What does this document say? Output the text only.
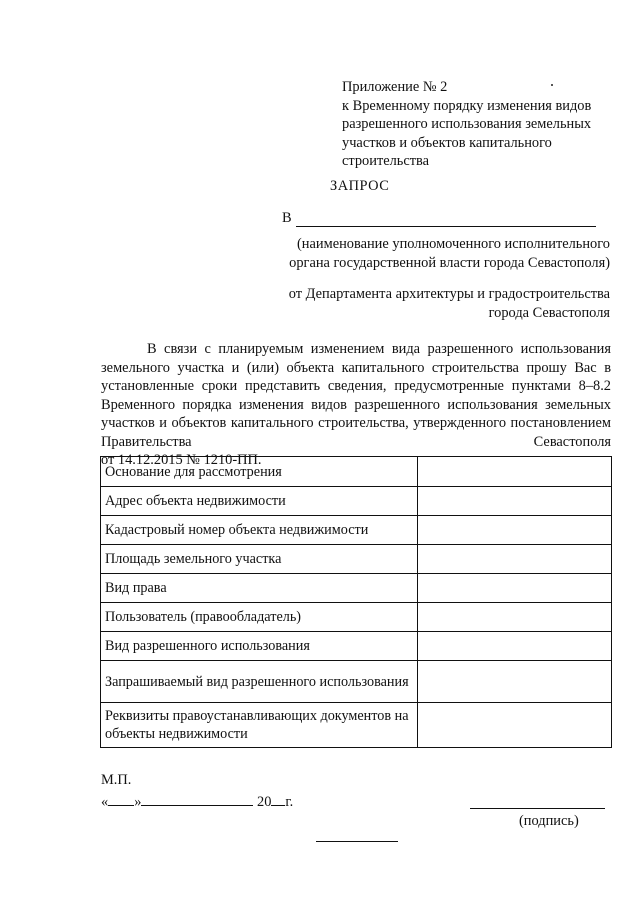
Приложение № 2
к Временному порядку изменения видов
разрешенного использования земельных
участков и объектов капитального
строительства
ЗАПРОС
В
(наименование уполномоченного исполнительного
органа государственной власти города Севастополя)
от Департамента архитектуры и градостроительства
города Севастополя

В связи с планируемым изменением вида разрешенного использования земельного участка и (или) объекта капитального строительства прошу Вас в установленные сроки представить сведения, предусмотренные пунктами 8–8.2 Временного порядка изменения видов разрешенного использования земельных участков и объектов капитального строительства, утвержденного постановлением Правительства Севастополя

от 14.12.2015 № 1210-ПП.

Основание для рассмотрения	
Адрес объекта недвижимости	
Кадастровый номер объекта недвижимости	
Площадь земельного участка	
Вид права	
Пользователь (правообладатель)	
Вид разрешенного использования	
Запрашиваемый вид разрешенного использования	
Реквизиты правоустанавливающих документов на объекты недвижимости	
М.П.
« »	20 г.
(подпись)
